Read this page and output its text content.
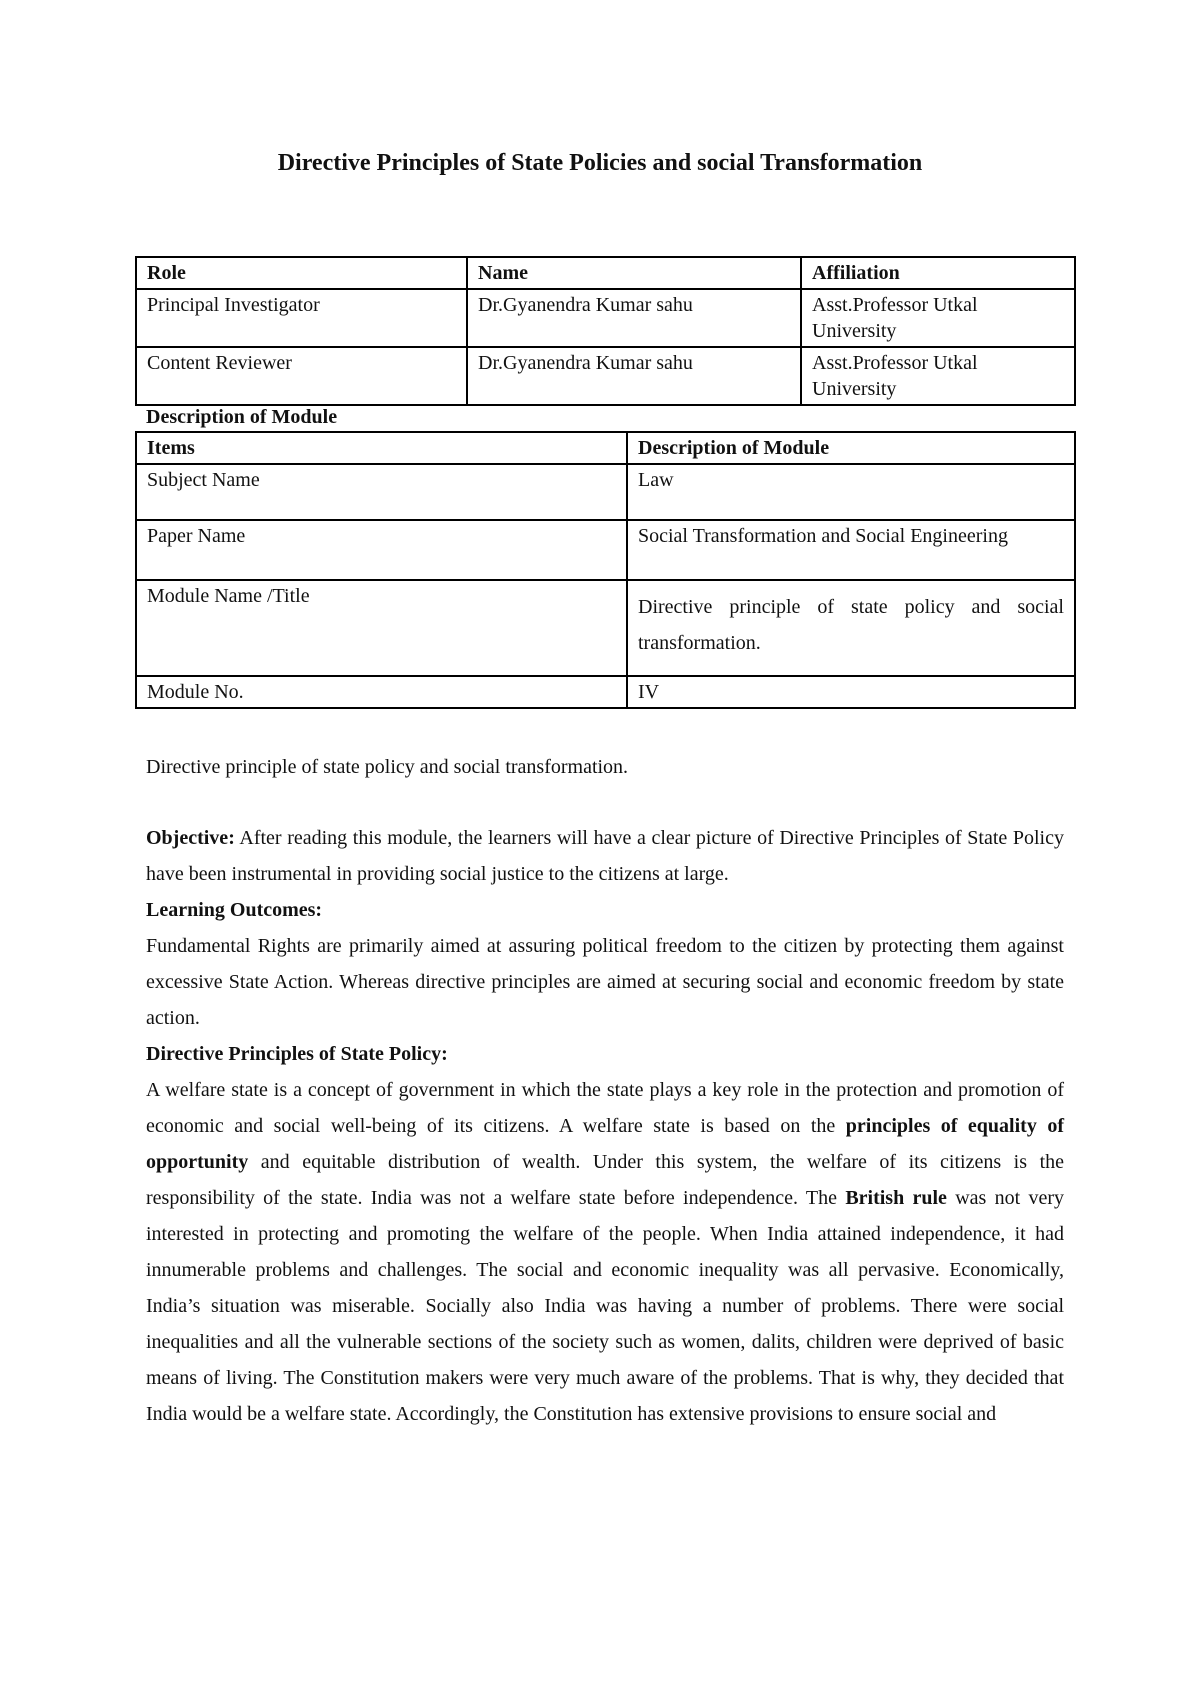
Directive Principles of State Policies and social Transformation
Role	Name	Affiliation
Principal Investigator	Dr.Gyanendra Kumar sahu	Asst.Professor Utkal University
Content Reviewer	Dr.Gyanendra Kumar sahu	Asst.Professor Utkal University
Description of Module
Items	Description of Module
Subject Name	Law
Paper Name	Social Transformation and Social Engineering
Module Name /Title	Directive principle of state policy and social transformation.
Module No.	IV
Directive principle of state policy and social transformation.

Objective: After reading this module, the learners will have a clear picture of Directive Principles of State Policy have been instrumental in providing social justice to the citizens at large.

Learning Outcomes:

Fundamental Rights are primarily aimed at assuring political freedom to the citizen by protecting them against excessive State Action. Whereas directive principles are aimed at securing social and economic freedom by state action.

Directive Principles of State Policy:

A welfare state is a concept of government in which the state plays a key role in the protection and promotion of economic and social well-being of its citizens. A welfare state is based on the principles of equality of opportunity and equitable distribution of wealth. Under this system, the welfare of its citizens is the responsibility of the state. India was not a welfare state before independence. The British rule was not very interested in protecting and promoting the welfare of the people. When India attained independence, it had innumerable problems and challenges. The social and economic inequality was all pervasive. Economically, India’s situation was miserable. Socially also India was having a number of problems. There were social inequalities and all the vulnerable sections of the society such as women, dalits, children were deprived of basic means of living. The Constitution makers were very much aware of the problems. That is why, they decided that India would be a welfare state. Accordingly, the Constitution has extensive provisions to ensure social and
